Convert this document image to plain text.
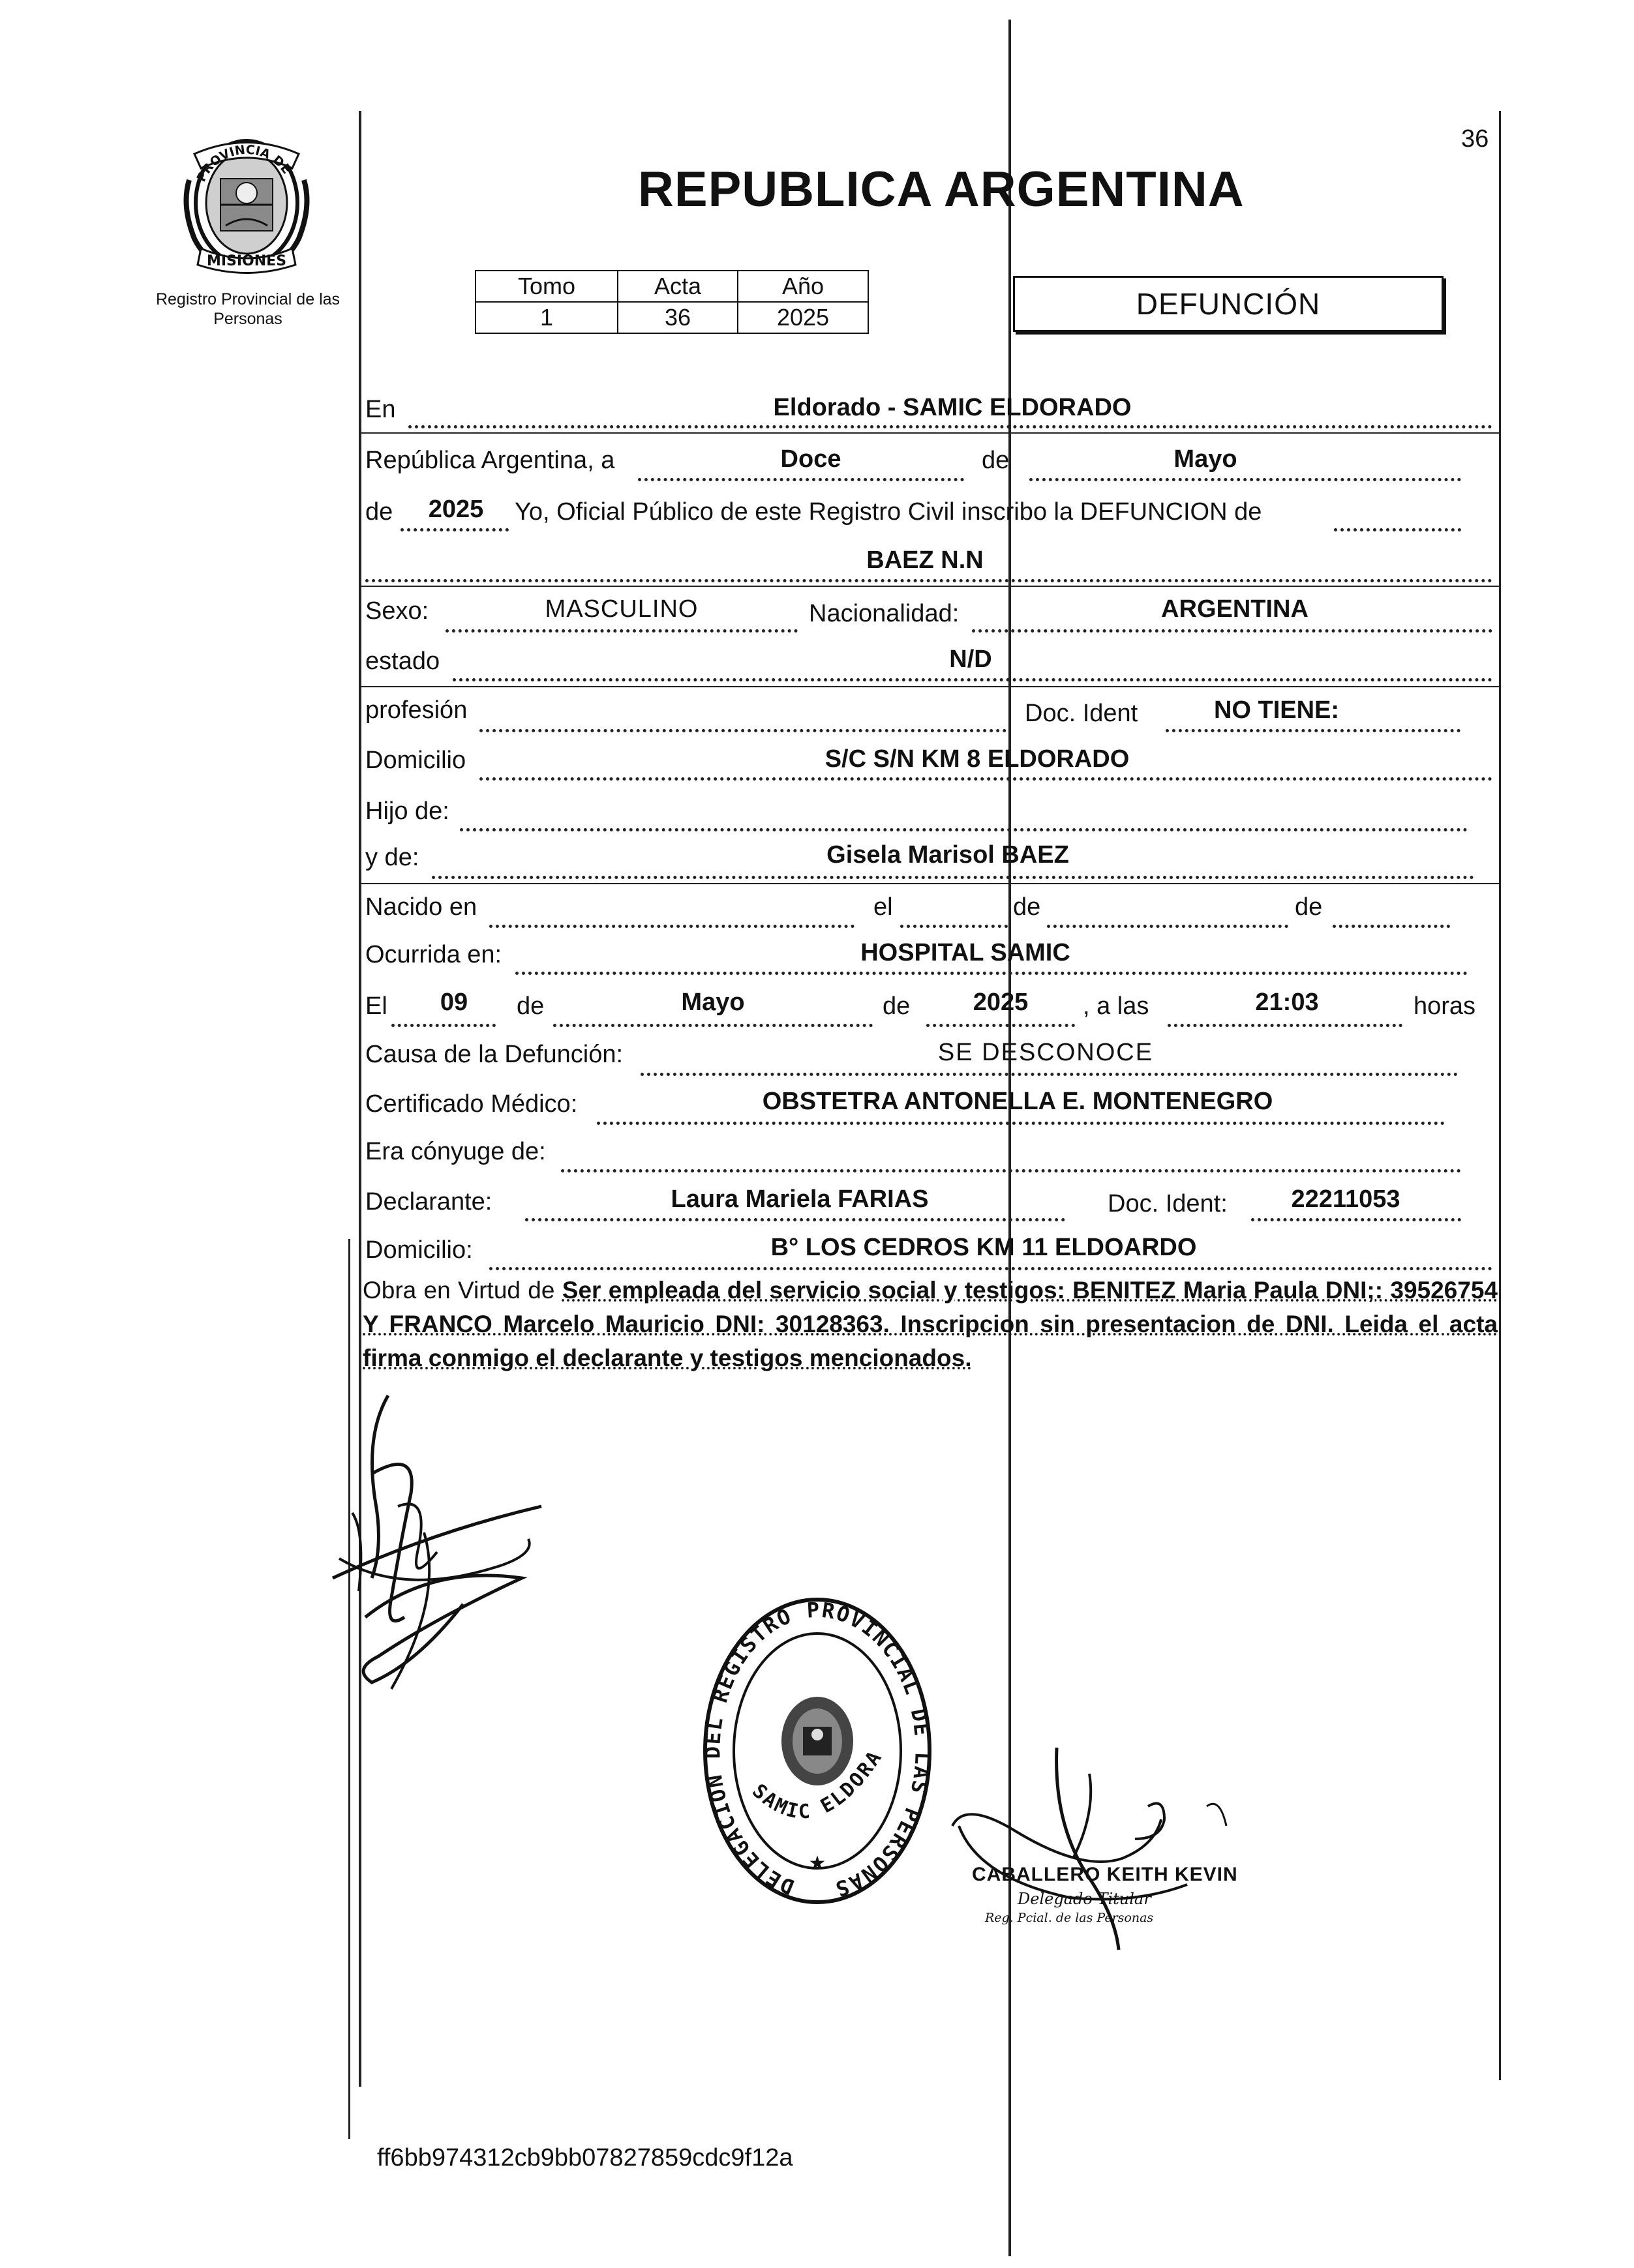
36
PROVINCIA DE
MISIONES
Registro Provincial de las Personas
REPUBLICA ARGENTINA
Tomo	Acta	Año
1	36	2025	DEFUNCIÓN
En	Eldorado - SAMIC ELDORADO
República Argentina, a	Doce	de	Mayo
de 2025 Yo, Oficial Público de este Registro Civil inscribo la DEFUNCION de
BAEZ N.N
Sexo:	MASCULINO	Nacionalidad:	ARGENTINA
estado	N/D
profesión	Doc. Ident	NO TIENE:
Domicilio	S/C S/N KM 8 ELDORADO
Hijo de:
y de:	Gisela Marisol BAEZ
Nacido en	el	de	de
Ocurrida en:	HOSPITAL SAMIC
El 09 de	Mayo	de	2025 , a las	21:03	horas
Causa de la Defunción:	SE DESCONOCE
Certificado Médico:	OBSTETRA ANTONELLA E. MONTENEGRO
Era cónyuge de:
Declarante:	Laura Mariela FARIAS	Doc. Ident:	22211053
Domicilio:	B° LOS CEDROS KM 11 ELDOARDO
Obra en Virtud de Ser empleada del servicio social y testigos: BENITEZ Maria Paula DNI;: 39526754 Y FRANCO Marcelo Mauricio DNI: 30128363. Inscripcion sin presentacion de DNI. Leida el acta firma conmigo el declarante y testigos mencionados.
DELEGACION DEL REGISTRO PROVINCIAL DE LAS PERSONAS
SAMIC ELDORA
★	CABALLERO KEITH KEVIN
Delegado Titular
Reg. Pcial. de las Personas
ff6bb974312cb9bb07827859cdc9f12a
